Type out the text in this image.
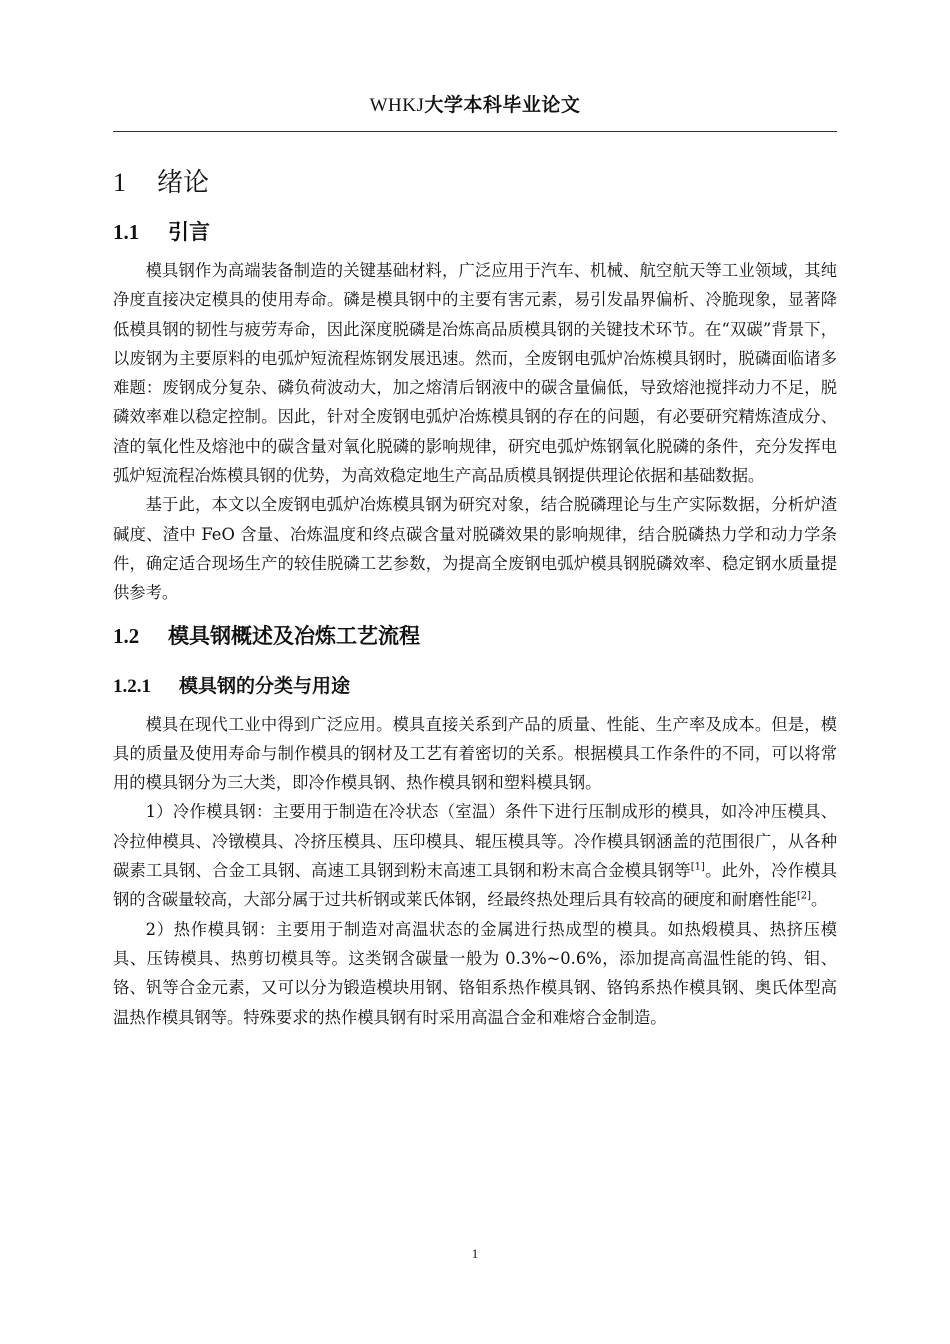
WHKJ大学本科毕业论文
1 绪论
1.1 引言

模具钢作为高端装备制造的关键基础材料，广泛应用于汽车、机械、航空航天等工业领域，其纯净度直接决定模具的使用寿命。磷是模具钢中的主要有害元素，易引发晶界偏析、冷脆现象，显著降低模具钢的韧性与疲劳寿命，因此深度脱磷是冶炼高品质模具钢的关键技术环节。在“双碳”背景下，以废钢为主要原料的电弧炉短流程炼钢发展迅速。然而，全废钢电弧炉冶炼模具钢时，脱磷面临诸多难题：废钢成分复杂、磷负荷波动大，加之熔清后钢液中的碳含量偏低，导致熔池搅拌动力不足，脱磷效率难以稳定控制。因此，针对全废钢电弧炉冶炼模具钢的存在的问题，有必要研究精炼渣成分、渣的氧化性及熔池中的碳含量对氧化脱磷的影响规律，研究电弧炉炼钢氧化脱磷的条件，充分发挥电弧炉短流程冶炼模具钢的优势，为高效稳定地生产高品质模具钢提供理论依据和基础数据。

基于此，本文以全废钢电弧炉冶炼模具钢为研究对象，结合脱磷理论与生产实际数据，分析炉渣碱度、渣中 FeO 含量、冶炼温度和终点碳含量对脱磷效果的影响规律，结合脱磷热力学和动力学条件，确定适合现场生产的较佳脱磷工艺参数，为提高全废钢电弧炉模具钢脱磷效率、稳定钢水质量提供参考。

1.2 模具钢概述及冶炼工艺流程
1.2.1 模具钢的分类与用途

模具在现代工业中得到广泛应用。模具直接关系到产品的质量、性能、生产率及成本。但是，模具的质量及使用寿命与制作模具的钢材及工艺有着密切的关系。根据模具工作条件的不同，可以将常用的模具钢分为三大类，即冷作模具钢、热作模具钢和塑料模具钢。

1）冷作模具钢：主要用于制造在冷状态（室温）条件下进行压制成形的模具，如冷冲压模具、冷拉伸模具、冷镦模具、冷挤压模具、压印模具、辊压模具等。冷作模具钢涵盖的范围很广，从各种碳素工具钢、合金工具钢、高速工具钢到粉末高速工具钢和粉末高合金模具钢等[1]。此外，冷作模具钢的含碳量较高，大部分属于过共析钢或莱氏体钢，经最终热处理后具有较高的硬度和耐磨性能[2]。

2）热作模具钢：主要用于制造对高温状态的金属进行热成型的模具。如热煅模具、热挤压模具、压铸模具、热剪切模具等。这类钢含碳量一般为 0.3%~0.6%，添加提高高温性能的钨、钼、铬、钒等合金元素，又可以分为锻造模块用钢、铬钼系热作模具钢、铬钨系热作模具钢、奥氏体型高温热作模具钢等。特殊要求的热作模具钢有时采用高温合金和难熔合金制造。

1
